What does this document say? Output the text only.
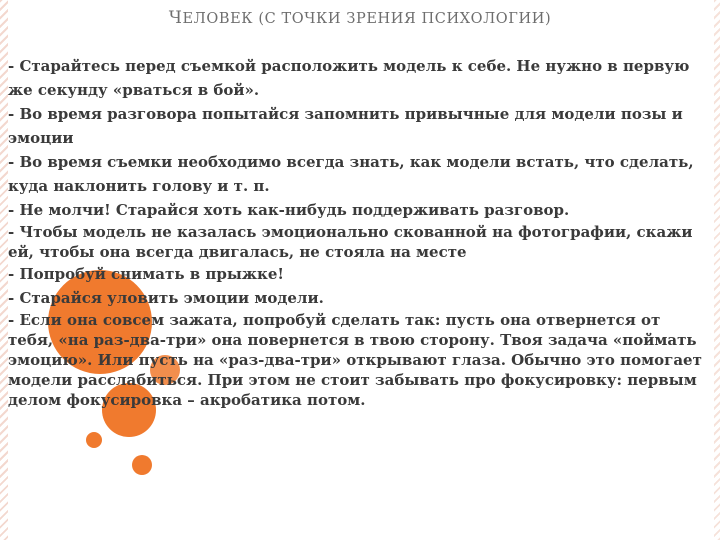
ЧЕЛОВЕК (С ТОЧКИ ЗРЕНИЯ ПСИХОЛОГИИ)

- Старайтесь перед съемкой расположить модель к себе. Не нужно в первую же секунду «рваться в бой».

- Во время разговора попытайся запомнить привычные для модели позы и эмоции

- Во время съемки необходимо всегда знать, как модели встать, что сделать, куда наклонить голову и т. п.

- Не молчи! Старайся хоть как-нибудь поддерживать разговор.

- Чтобы модель не казалась эмоционально скованной на фотографии, скажи ей, чтобы она всегда двигалась, не стояла на месте

- Попробуй снимать в прыжке!

- Старайся уловить эмоции модели.

- Если она совсем зажата, попробуй сделать так: пусть она отвернется от тебя, «на раз-два-три» она повернется в твою сторону. Твоя задача «поймать эмоцию». Или пусть на «раз-два-три» открывают глаза. Обычно это помогает модели расслабиться. При этом не стоит забывать про фокусировку: первым делом фокусировка – акробатика потом.
